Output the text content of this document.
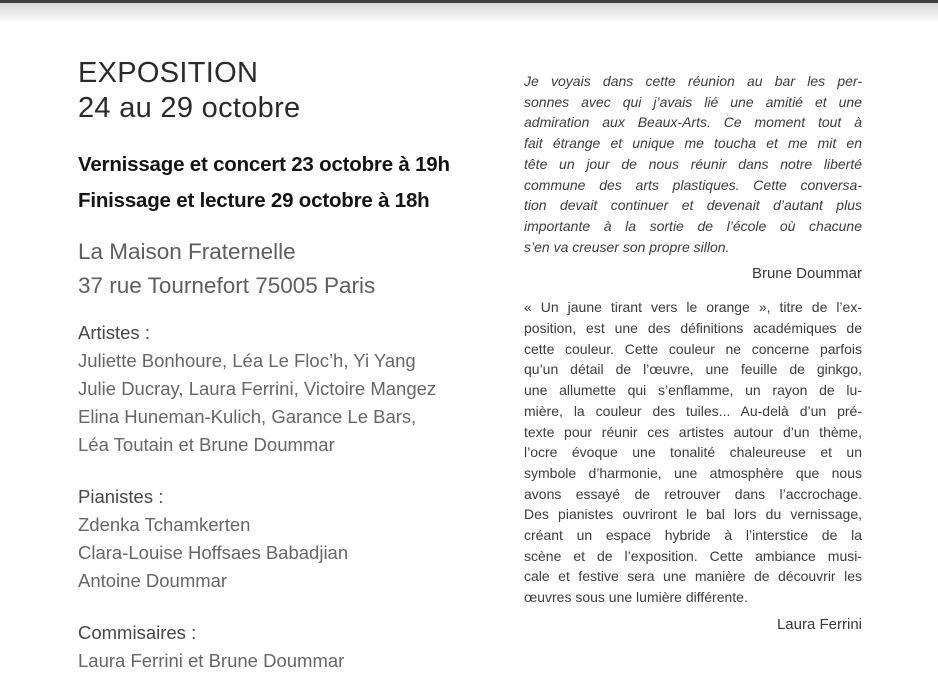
EXPOSITION
24 au 29 octobre
Vernissage et concert 23 octobre à 19h
Finissage et lecture 29 octobre à 18h
La Maison Fraternelle
37 rue Tournefort 75005 Paris
Artistes :
Juliette Bonhoure, Léa Le Floc’h, Yi Yang
Julie Ducray, Laura Ferrini, Victoire Mangez
Elina Huneman-Kulich, Garance Le Bars,
Léa Toutain et Brune Doummar
Pianistes :
Zdenka Tchamkerten
Clara-Louise Hoffsaes Babadjian
Antoine Doummar
Commisaires :
Laura Ferrini et Brune Doummar
Je voyais dans cette réunion au bar les per-
sonnes avec qui j’avais lié une amitié et une
admiration aux Beaux-Arts. Ce moment tout à
fait étrange et unique me toucha et me mit en
tête un jour de nous réunir dans notre liberté
commune des arts plastiques. Cette conversa-
tion devait continuer et devenait d’autant plus
importante à la sortie de l’école où chacune
s’en va creuser son propre sillon.
Brune Doummar
« Un jaune tirant vers le orange », titre de l’ex-
position, est une des définitions académiques de
cette couleur. Cette couleur ne concerne parfois
qu’un détail de l’œuvre, une feuille de ginkgo,
une allumette qui s’enflamme, un rayon de lu-
mière, la couleur des tuiles... Au-delà d’un pré-
texte pour réunir ces artistes autour d’un thème,
l’ocre évoque une tonalité chaleureuse et un
symbole d’harmonie, une atmosphère que nous
avons essayé de retrouver dans l’accrochage.
Des pianistes ouvriront le bal lors du vernissage,
créant un espace hybride à l’interstice de la
scène et de l’exposition. Cette ambiance musi-
cale et festive sera une manière de découvrir les
œuvres sous une lumière différente.
Laura Ferrini
